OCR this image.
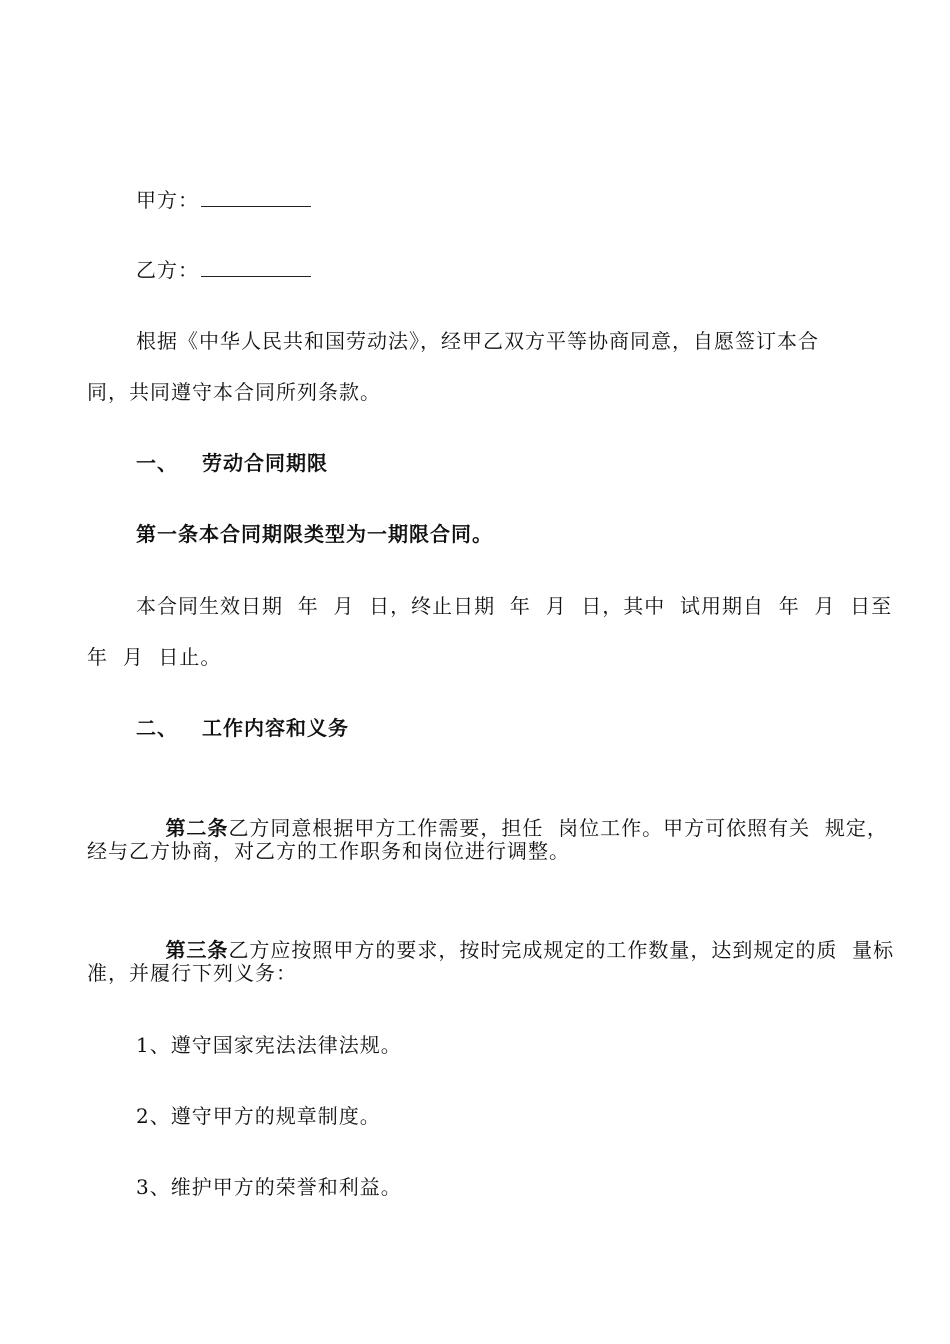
甲方：
乙方：
根据《中华人民共和国劳动法》，经甲乙双方平等协商同意，自愿签订本合
同，共同遵守本合同所列条款。
一、 劳动合同期限
第一条本合同期限类型为一期限合同。
本合同生效日期  年  月  日，终止日期  年  月  日，其中  试用期自  年  月  日至
年  月  日止。
二、 工作内容和义务

第二条乙方同意根据甲方工作需要，担任  岗位工作。甲方可依照有关  规定，

经与乙方协商，对乙方的工作职务和岗位进行调整。

第三条乙方应按照甲方的要求，按时完成规定的工作数量，达到规定的质  量标

准，并履行下列义务：
1、遵守国家宪法法律法规。
2、遵守甲方的规章制度。
3、维护甲方的荣誉和利益。
